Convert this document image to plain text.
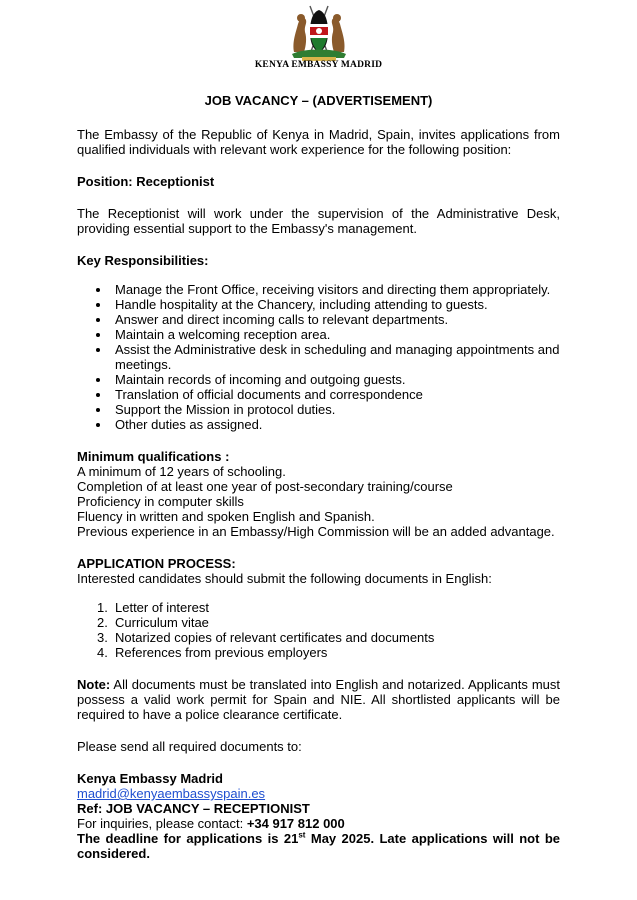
KENYA EMBASSY MADRID
JOB VACANCY – (ADVERTISEMENT)

The Embassy of the Republic of Kenya in Madrid, Spain, invites applications from qualified individuals with relevant work experience for the following position:

Position: Receptionist

The Receptionist will work under the supervision of the Administrative Desk, providing essential support to the Embassy's management.

Key Responsibilities:

Manage the Front Office, receiving visitors and directing them appropriately.
Handle hospitality at the Chancery, including attending to guests.
Answer and direct incoming calls to relevant departments.
Maintain a welcoming reception area.
Assist the Administrative desk in scheduling and managing appointments and meetings.
Maintain records of incoming and outgoing guests.
Translation of official documents and correspondence
Support the Mission in protocol duties.
Other duties as assigned.

Minimum qualifications :

A minimum of 12 years of schooling.

Completion of at least one year of post-secondary training/course

Proficiency in computer skills

Fluency in written and spoken English and Spanish.

Previous experience in an Embassy/High Commission will be an added advantage.

APPLICATION PROCESS:

Interested candidates should submit the following documents in English:

1. Letter of interest
2. Curriculum vitae
3. Notarized copies of relevant certificates and documents
4. References from previous employers

Note: All documents must be translated into English and notarized. Applicants must possess a valid work permit for Spain and NIE. All shortlisted applicants will be required to have a police clearance certificate.

Please send all required documents to:

Kenya Embassy Madrid

madrid@kenyaembassyspain.es

Ref: JOB VACANCY – RECEPTIONIST

For inquiries, please contact: +34 917 812 000

The deadline for applications is 21st May 2025. Late applications will not be considered.
